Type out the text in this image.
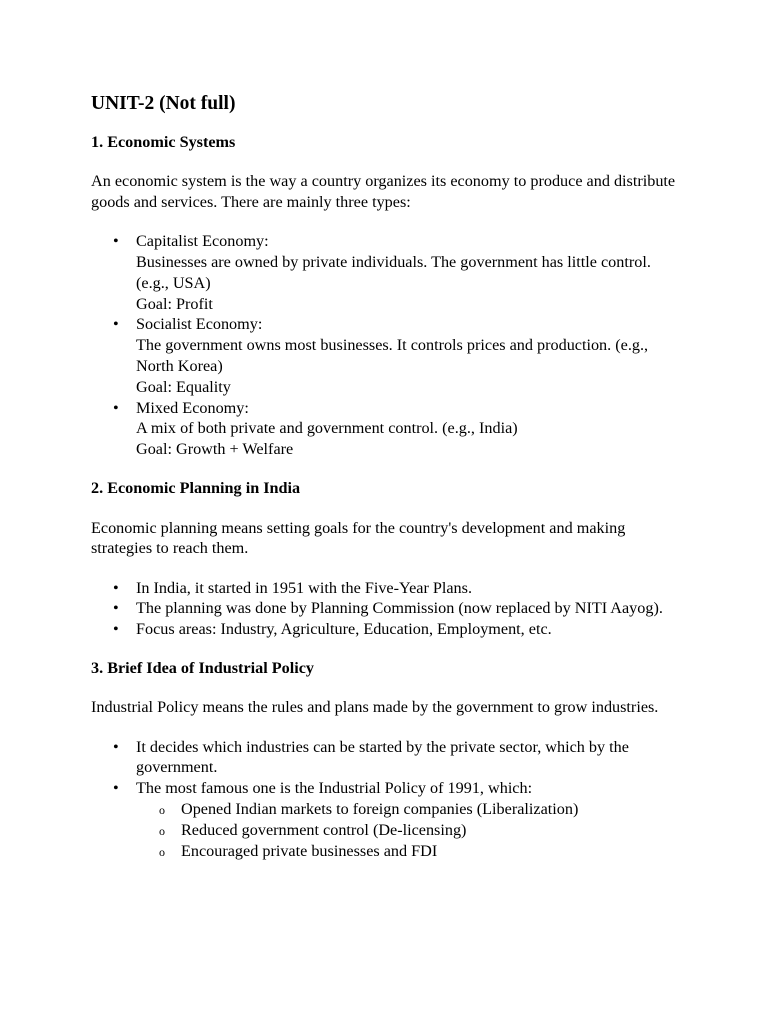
UNIT-2 (Not full)
1. Economic Systems

An economic system is the way a country organizes its economy to produce and distribute goods and services. There are mainly three types:

• Capitalist Economy:
Businesses are owned by private individuals. The government has little control. (e.g., USA)
Goal: Profit
• Socialist Economy:
The government owns most businesses. It controls prices and production. (e.g., North Korea)
Goal: Equality
• Mixed Economy:
A mix of both private and government control. (e.g., India)
Goal: Growth + Welfare
2. Economic Planning in India

Economic planning means setting goals for the country's development and making strategies to reach them.

• In India, it started in 1951 with the Five-Year Plans.
• The planning was done by Planning Commission (now replaced by NITI Aayog).
• Focus areas: Industry, Agriculture, Education, Employment, etc.
3. Brief Idea of Industrial Policy

Industrial Policy means the rules and plans made by the government to grow industries.

• It decides which industries can be started by the private sector, which by the government.
• The most famous one is the Industrial Policy of 1991, which:
o Opened Indian markets to foreign companies (Liberalization)
o Reduced government control (De-licensing)
o Encouraged private businesses and FDI
